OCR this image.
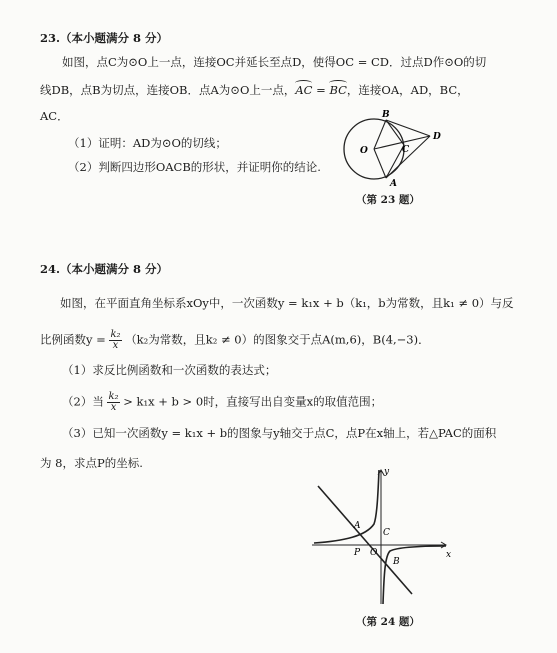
23.（本小题满分 8 分）
如图，点C为⊙O上一点，连接OC并延长至点D，使得OC = CD．过点D作⊙O的切
线DB，点B为切点，连接OB．点A为⊙O上一点，AC = BC，连接OA，AD，BC，
AC．
（1）证明：AD为⊙O的切线；
（2）判断四边形OACB的形状，并证明你的结论.
B
O	C
D
A
（第 23 题）
24.（本小题满分 8 分）
如图，在平面直角坐标系xOy中，一次函数y = k₁x + b（k₁，b为常数，且k₁ ≠ 0）与反
比例函数$y = \frac{\text{k₂}}{x} (k_2$为常数，且k₂ ≠ 0）的图象交于点A(m,6)，B(4,−3)．
（1）求反比例函数和一次函数的表达式；
（2）当 $\frac{\text{k₂}}{x} > k_1x + b > 0$时，直接写出自变量x的取值范围；
（3）已知一次函数y = k₁x + b的图象与y轴交于点C，点P在x轴上，若△PAC的面积
为 8，求点P的坐标.
y
x
A
C
P O
B
（第 24 题）
